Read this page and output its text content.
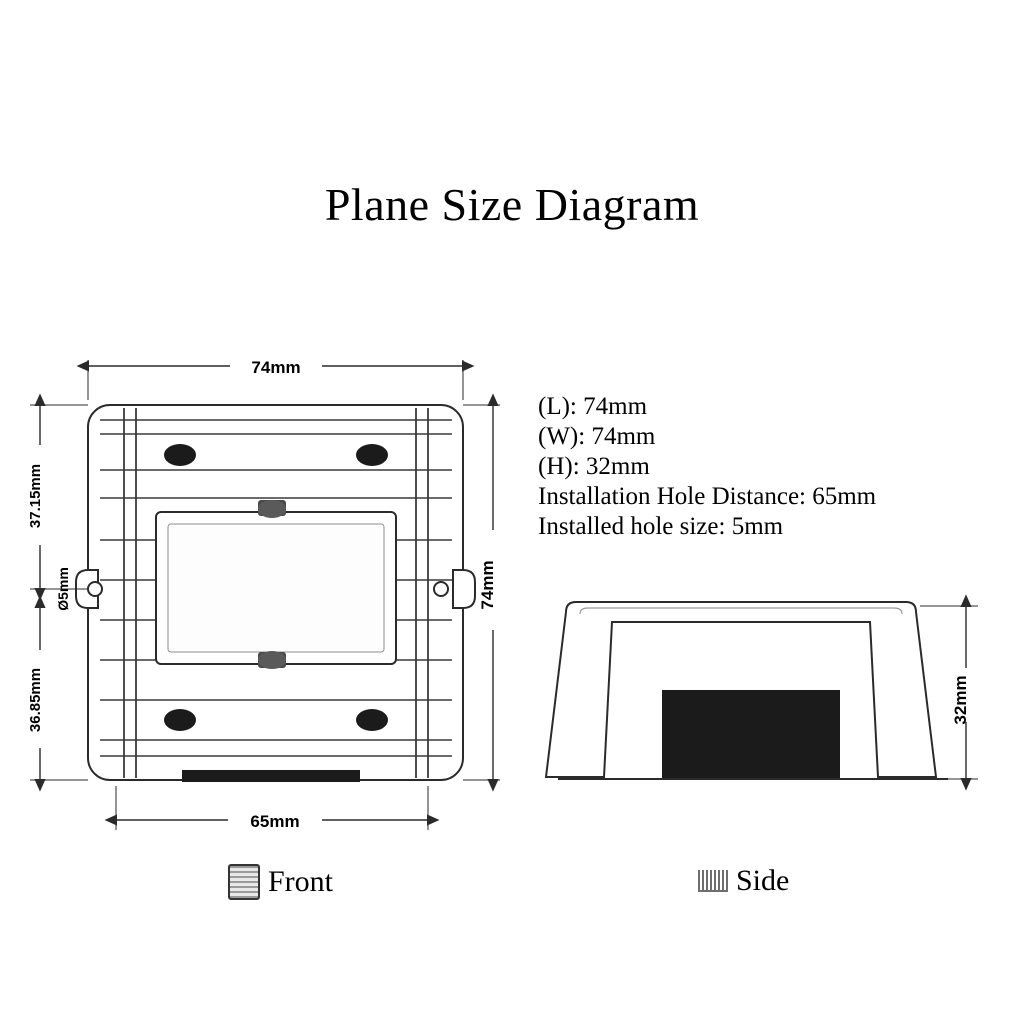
Plane Size Diagram
(L): 74mm
(W): 74mm
(H): 32mm
Installation Hole Distance: 65mm
Installed hole size: 5mm
74mm
65mm
74mm
37.15mm
36.85mm
Ø5mm
32mm
Front	Side
